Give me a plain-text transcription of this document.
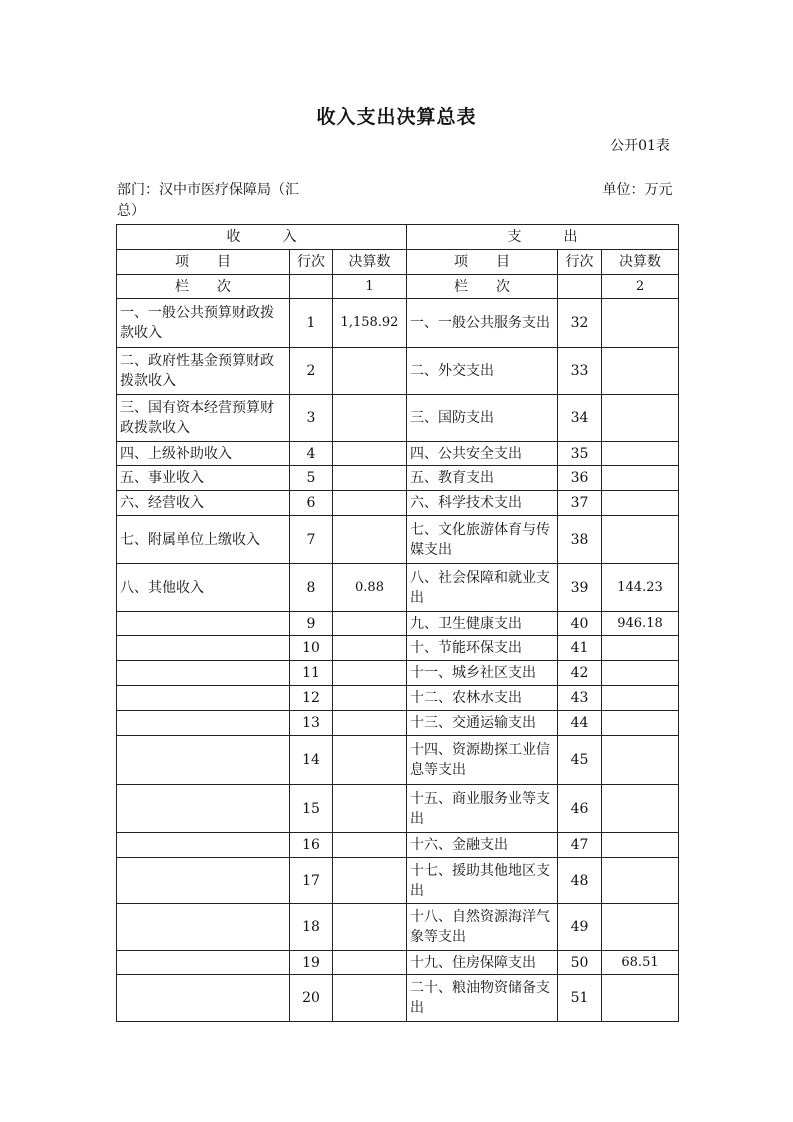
收入支出决算总表
公开01表
部门：汉中市医疗保障局（汇总）
单位：万元
收　　　入			支　　　出		
项　　目	行次	决算数	项　　目	行次	决算数
栏　　次		1	栏　　次		2
一、一般公共预算财政拨款收入	1	1,158.92	一、一般公共服务支出	32	
二、政府性基金预算财政拨款收入	2		二、外交支出	33	
三、国有资本经营预算财政拨款收入	3		三、国防支出	34	
四、上级补助收入	4		四、公共安全支出	35	
五、事业收入	5		五、教育支出	36	
六、经营收入	6		六、科学技术支出	37	
七、附属单位上缴收入	7		七、文化旅游体育与传媒支出	38	
八、其他收入	8	0.88	八、社会保障和就业支出	39	144.23
	9		九、卫生健康支出	40	946.18
	10		十、节能环保支出	41	
	11		十一、城乡社区支出	42	
	12		十二、农林水支出	43	
	13		十三、交通运输支出	44	
	14		十四、资源勘探工业信息等支出	45	
	15		十五、商业服务业等支出	46	
	16		十六、金融支出	47	
	17		十七、援助其他地区支出	48	
	18		十八、自然资源海洋气象等支出	49	
	19		十九、住房保障支出	50	68.51
	20		二十、粮油物资储备支出	51	
